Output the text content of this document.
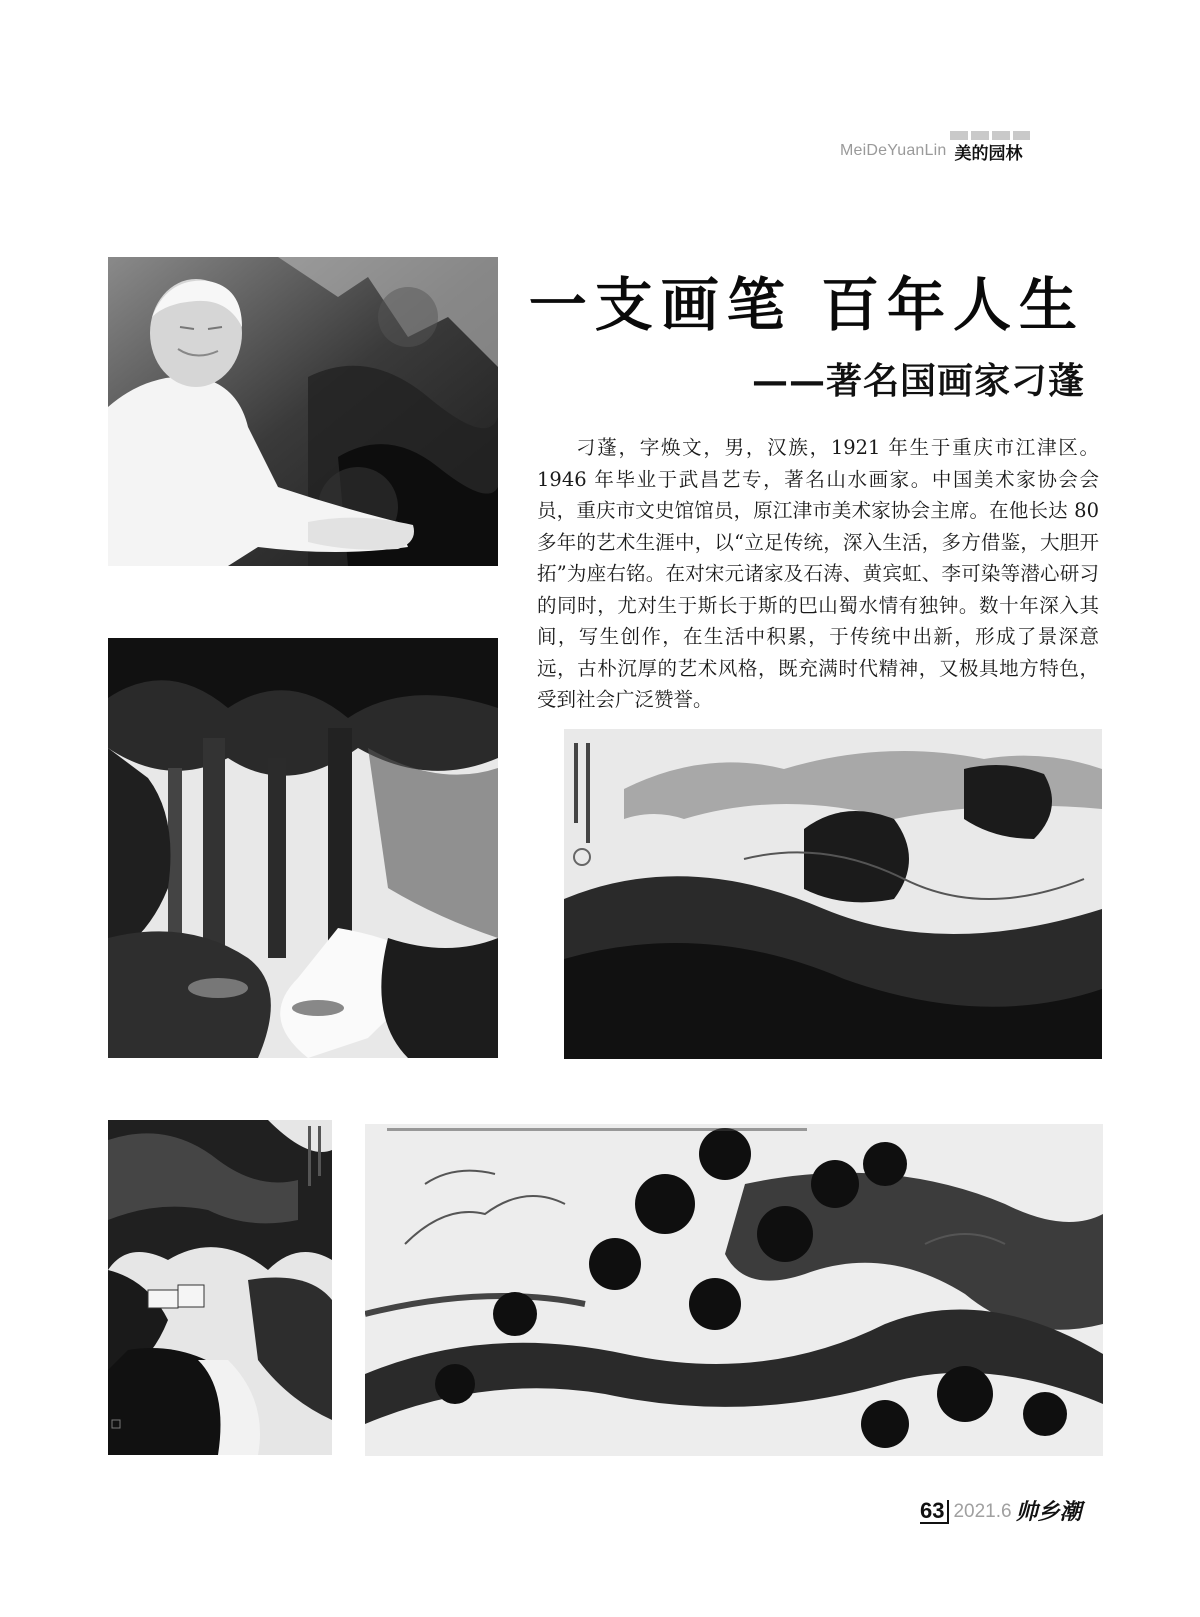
MeiDeYuanLin 美的园林
一支画笔 百年人生
——著名国画家刁蓬

刁蓬，字焕文，男，汉族，1921 年生于重庆市江津区。1946 年毕业于武昌艺专，著名山水画家。中国美术家协会会员，重庆市文史馆馆员，原江津市美术家协会主席。在他长达 80 多年的艺术生涯中，以“立足传统，深入生活，多方借鉴，大胆开拓”为座右铭。在对宋元诸家及石涛、黄宾虹、李可染等潜心研习的同时，尤对生于斯长于斯的巴山蜀水情有独钟。数十年深入其间，写生创作，在生活中积累，于传统中出新，形成了景深意远，古朴沉厚的艺术风格，既充满时代精神，又极具地方特色，受到社会广泛赞誉。

63 2021.6 帅乡潮
